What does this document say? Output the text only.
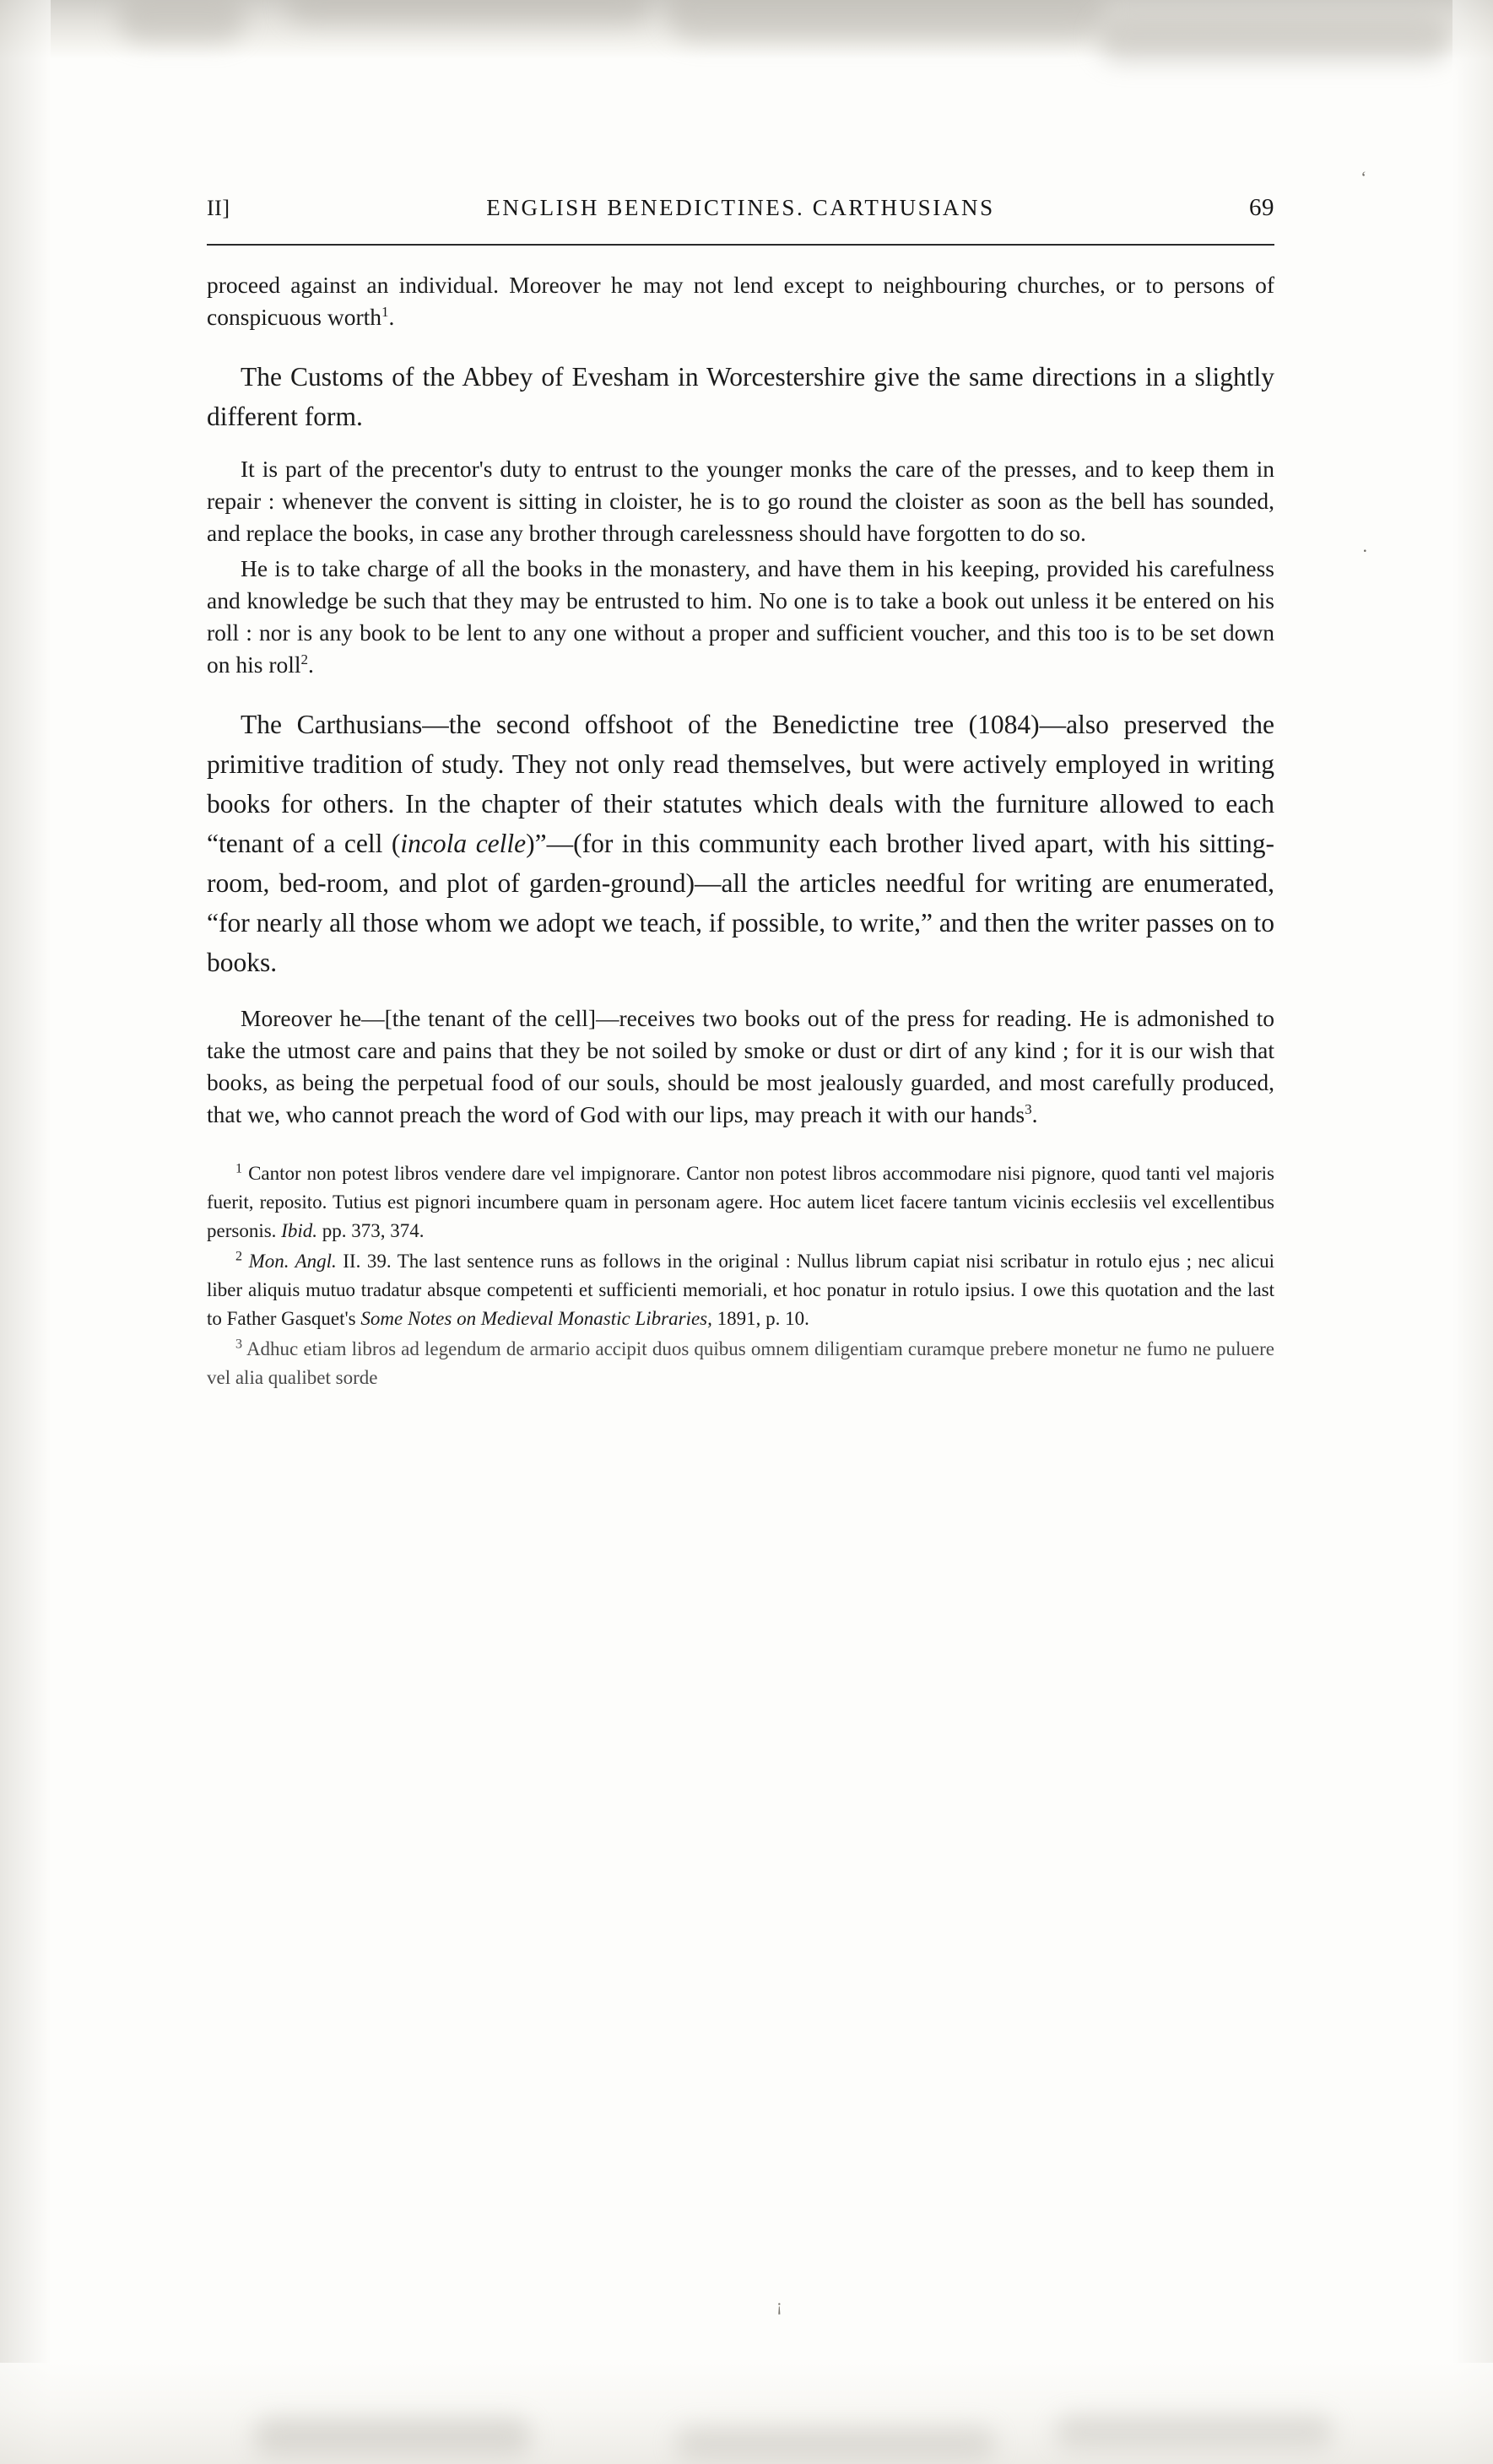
‘
·
¡
II]	ENGLISH BENEDICTINES. CARTHUSIANS	69

proceed against an individual. Moreover he may not lend except to neighbouring churches, or to persons of conspicuous worth$^1$.

The Customs of the Abbey of Evesham in Worcestershire give the same directions in a slightly different form.

It is part of the precentor's duty to entrust to the younger monks the care of the presses, and to keep them in repair : whenever the convent is sitting in cloister, he is to go round the cloister as soon as the bell has sounded, and replace the books, in case any brother through carelessness should have forgotten to do so.

He is to take charge of all the books in the monastery, and have them in his keeping, provided his carefulness and knowledge be such that they may be entrusted to him. No one is to take a book out unless it be entered on his roll : nor is any book to be lent to any one without a proper and sufficient voucher, and this too is to be set down on his roll$^2$.

The Carthusians—the second offshoot of the Benedictine tree (1084)—also preserved the primitive tradition of study. They not only read themselves, but were actively employed in writing books for others. In the chapter of their statutes which deals with the furniture allowed to each “tenant of a cell (incola celle)”—(for in this community each brother lived apart, with his sitting-room, bed-room, and plot of garden-ground)—all the articles needful for writing are enumerated, “for nearly all those whom we adopt we teach, if possible, to write,” and then the writer passes on to books.

Moreover he—[the tenant of the cell]—receives two books out of the press for reading. He is admonished to take the utmost care and pains that they be not soiled by smoke or dust or dirt of any kind ; for it is our wish that books, as being the perpetual food of our souls, should be most jealously guarded, and most carefully produced, that we, who cannot preach the word of God with our lips, may preach it with our hands$^3$.

$^1$ Cantor non potest libros vendere dare vel impignorare. Cantor non potest libros accommodare nisi pignore, quod tanti vel majoris fuerit, reposito. Tutius est pignori incumbere quam in personam agere. Hoc autem licet facere tantum vicinis ecclesiis vel excellentibus personis. Ibid. pp. 373, 374.

$^2$ Mon. Angl. II. 39. The last sentence runs as follows in the original : Nullus librum capiat nisi scribatur in rotulo ejus ; nec alicui liber aliquis mutuo tradatur absque competenti et sufficienti memoriali, et hoc ponatur in rotulo ipsius. I owe this quotation and the last to Father Gasquet's Some Notes on Medieval Monastic Libraries, 1891, p. 10.

$^3$ Adhuc etiam libros ad legendum de armario accipit duos quibus omnem diligentiam curamque prebere monetur ne fumo ne puluere vel alia qualibet sorde
